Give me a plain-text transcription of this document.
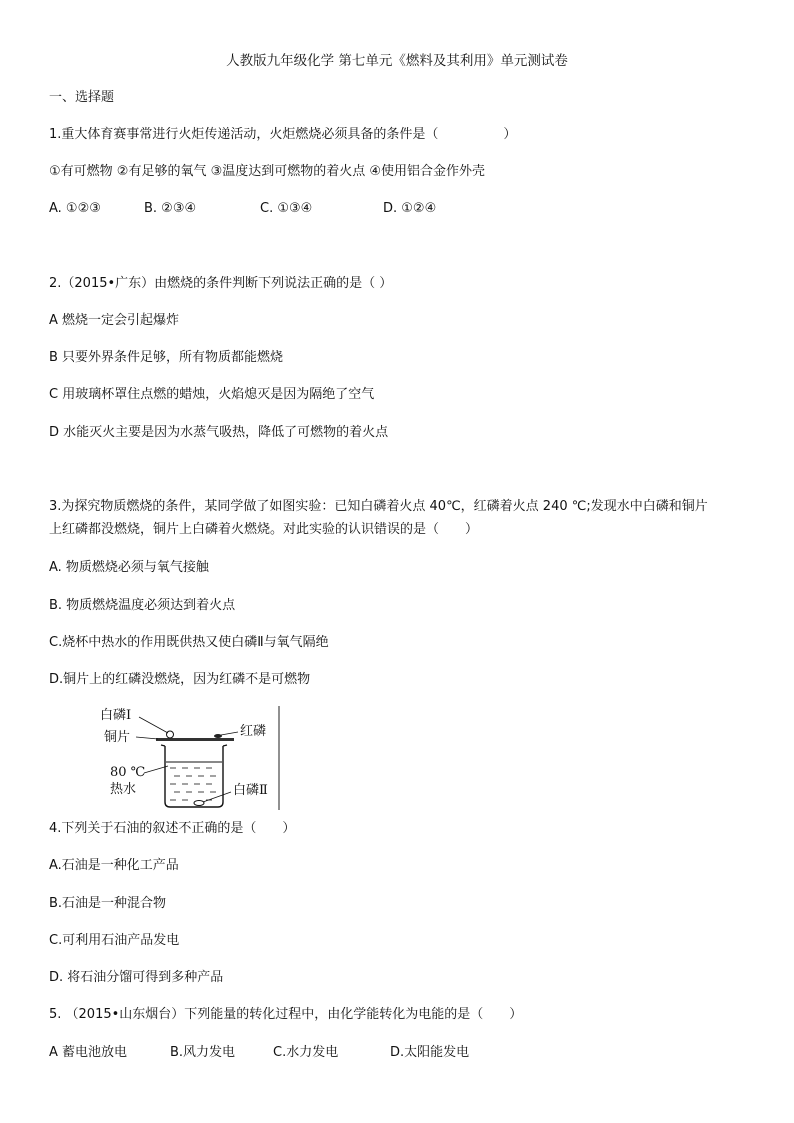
人教版九年级化学 第七单元《燃料及其利用》单元测试卷
一、选择题
1.重大体育赛事常进行火炬传递活动，火炬燃烧必须具备的条件是（　　　　　）
①有可燃物 ②有足够的氧气 ③温度达到可燃物的着火点 ④使用铝合金作外壳
A. ①②③	B. ②③④	C. ①③④	D. ①②④
2.（2015•广东）由燃烧的条件判断下列说法正确的是（ ）
A 燃烧一定会引起爆炸
B 只要外界条件足够，所有物质都能燃烧
C 用玻璃杯罩住点燃的蜡烛，火焰熄灭是因为隔绝了空气
D 水能灭火主要是因为水蒸气吸热，降低了可燃物的着火点
3.为探究物质燃烧的条件，某同学做了如图实验：已知白磷着火点 40℃，红磷着火点 240 ℃;发现水中白磷和铜片
上红磷都没燃烧，铜片上白磷着火燃烧。对此实验的认识错误的是（　　）
A. 物质燃烧必须与氧气接触
B. 物质燃烧温度必须达到着火点
C.烧杯中热水的作用既供热又使白磷Ⅱ与氧气隔绝
D.铜片上的红磷没燃烧，因为红磷不是可燃物
白磷Ⅰ
红磷
铜片
80 ℃
热水	白磷Ⅱ
4.下列关于石油的叙述不正确的是（　　）
A.石油是一种化工产品
B.石油是一种混合物
C.可利用石油产品发电
D. 将石油分馏可得到多种产品
5. （2015•山东烟台）下列能量的转化过程中，由化学能转化为电能的是（　　）
A 蓄电池放电	B.风力发电	C.水力发电	D.太阳能发电
